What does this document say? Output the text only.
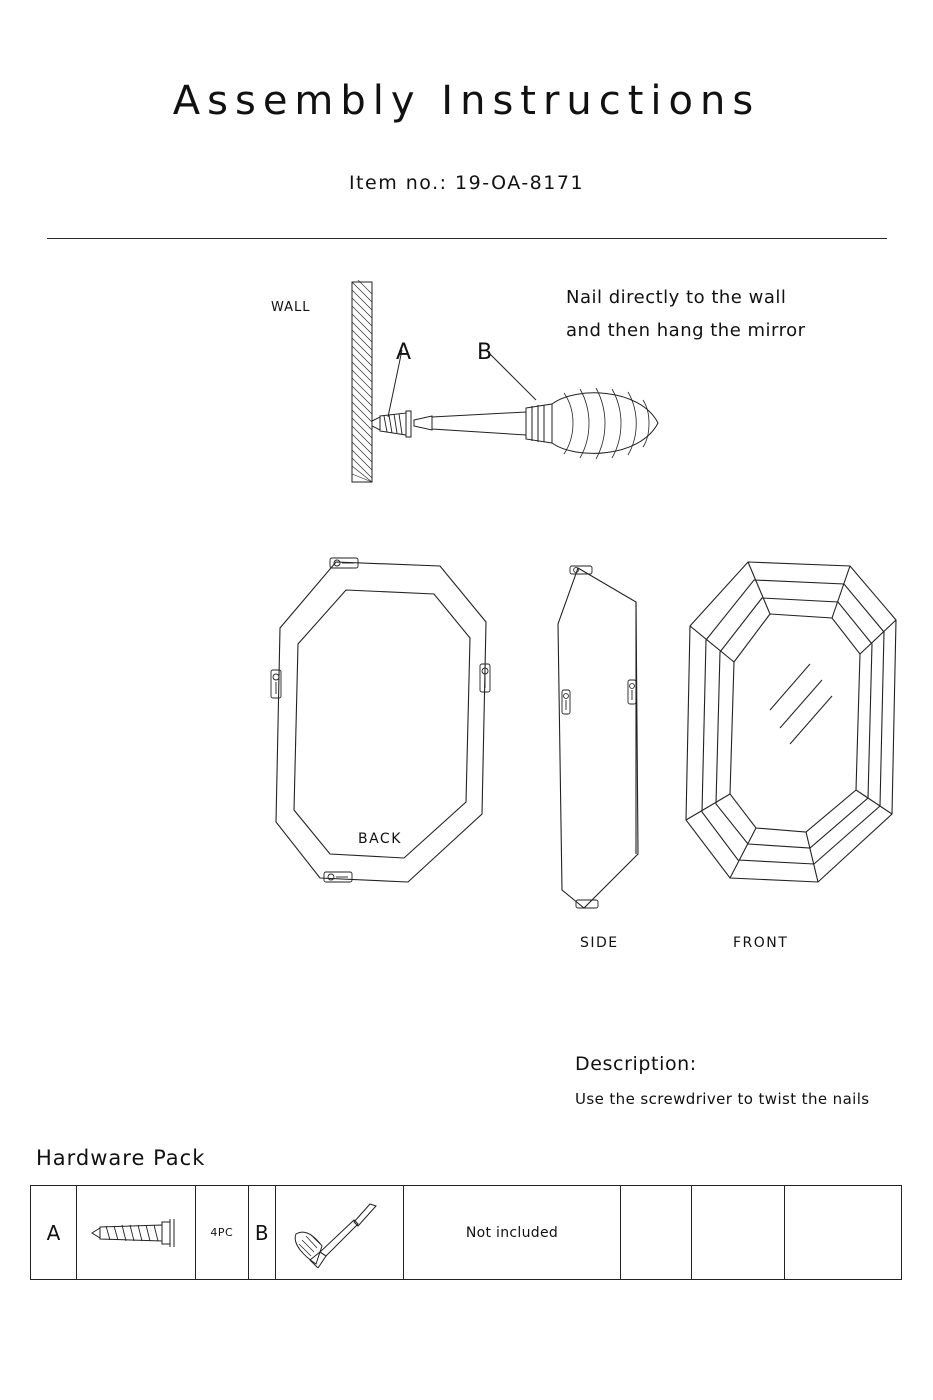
Assembly Instructions
Item no.: 19-OA-8171
WALL	Nail directly to the wall
and then hang the mirror
A	B
BACK
SIDE	FRONT
Description:
Use the screwdriver to twist the nails
Hardware Pack
A	4PC B	Not included
